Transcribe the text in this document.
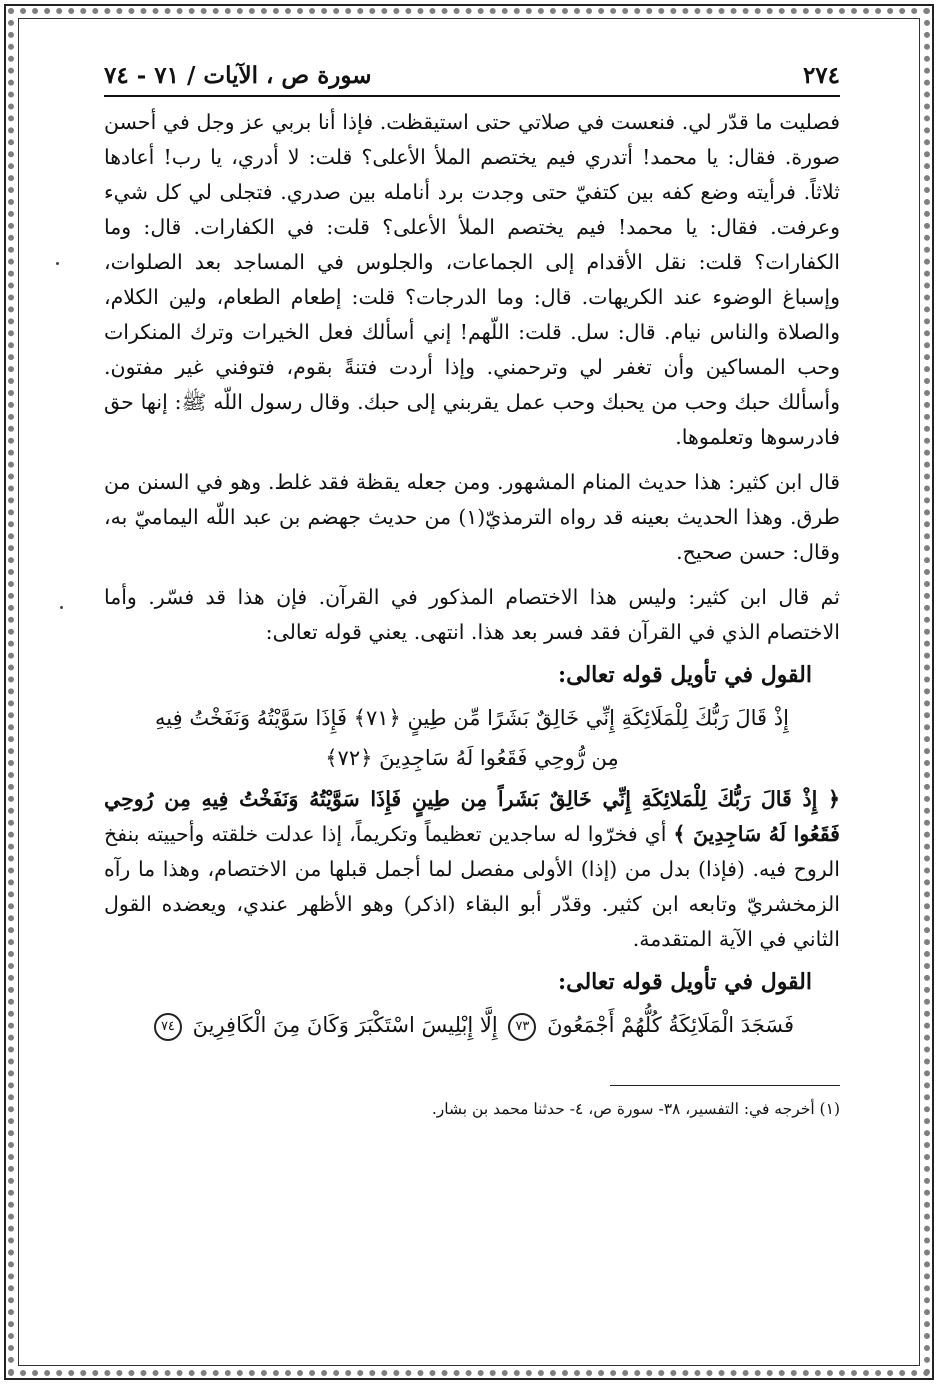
٢٧٤
سورة ص ، الآيات / ٧١ - ٧٤

فصليت ما قدّر لي. فنعست في صلاتي حتى استيقظت. فإذا أنا بربي عز وجل في أحسن صورة. فقال: يا محمد! أتدري فيم يختصم الملأ الأعلى؟ قلت: لا أدري، يا رب! أعادها ثلاثاً. فرأيته وضع كفه بين كتفيّ حتى وجدت برد أنامله بين صدري. فتجلى لي كل شيء وعرفت. فقال: يا محمد! فيم يختصم الملأ الأعلى؟ قلت: في الكفارات. قال: وما الكفارات؟ قلت: نقل الأقدام إلى الجماعات، والجلوس في المساجد بعد الصلوات، وإسباغ الوضوء عند الكريهات. قال: وما الدرجات؟ قلت: إطعام الطعام، ولين الكلام، والصلاة والناس نيام. قال: سل. قلت: اللّهم! إني أسألك فعل الخيرات وترك المنكرات وحب المساكين وأن تغفر لي وترحمني. وإذا أردت فتنةً بقوم، فتوفني غير مفتون. وأسألك حبك وحب من يحبك وحب عمل يقربني إلى حبك. وقال رسول اللّه ﷺ: إنها حق فادرسوها وتعلموها.

قال ابن كثير: هذا حديث المنام المشهور. ومن جعله يقظة فقد غلط. وهو في السنن من طرق. وهذا الحديث بعينه قد رواه الترمذيّ(١) من حديث جهضم بن عبد اللّه اليماميّ به، وقال: حسن صحيح.

ثم قال ابن كثير: وليس هذا الاختصام المذكور في القرآن. فإن هذا قد فسّر. وأما الاختصام الذي في القرآن فقد فسر بعد هذا. انتهى. يعني قوله تعالى:

القول في تأويل قوله تعالى:
إِذْ قَالَ رَبُّكَ لِلْمَلَائِكَةِ إِنِّي خَالِقٌ بَشَرًا مِّن طِينٍ ﴿٧١﴾ فَإِذَا سَوَّيْتُهُ وَنَفَخْتُ فِيهِ
مِن رُّوحِي فَقَعُوا لَهُ سَاجِدِينَ ﴿٧٢﴾

﴿ إِذْ قَالَ رَبُّكَ لِلْمَلائِكَةِ إِنِّي خَالِقٌ بَشَراً مِن طِينٍ فَإِذَا سَوَّيْتُهُ وَنَفَخْتُ فِيهِ مِن رُوحِي فَقَعُوا لَهُ سَاجِدِينَ ﴾ أي فخرّوا له ساجدين تعظيماً وتكريماً، إذا عدلت خلقته وأحييته بنفخ الروح فيه. (فإذا) بدل من (إذا) الأولى مفصل لما أجمل قبلها من الاختصام، وهذا ما رآه الزمخشريّ وتابعه ابن كثير. وقدّر أبو البقاء (اذكر) وهو الأظهر عندي، ويعضده القول الثاني في الآية المتقدمة.

القول في تأويل قوله تعالى:
فَسَجَدَ الْمَلَائِكَةُ كُلُّهُمْ أَجْمَعُونَ ٧٣ إِلَّا إِبْلِيسَ اسْتَكْبَرَ وَكَانَ مِنَ الْكَافِرِينَ ٧٤
(١) أخرجه في: التفسير، ٣٨- سورة ص، ٤- حدثنا محمد بن بشار.
